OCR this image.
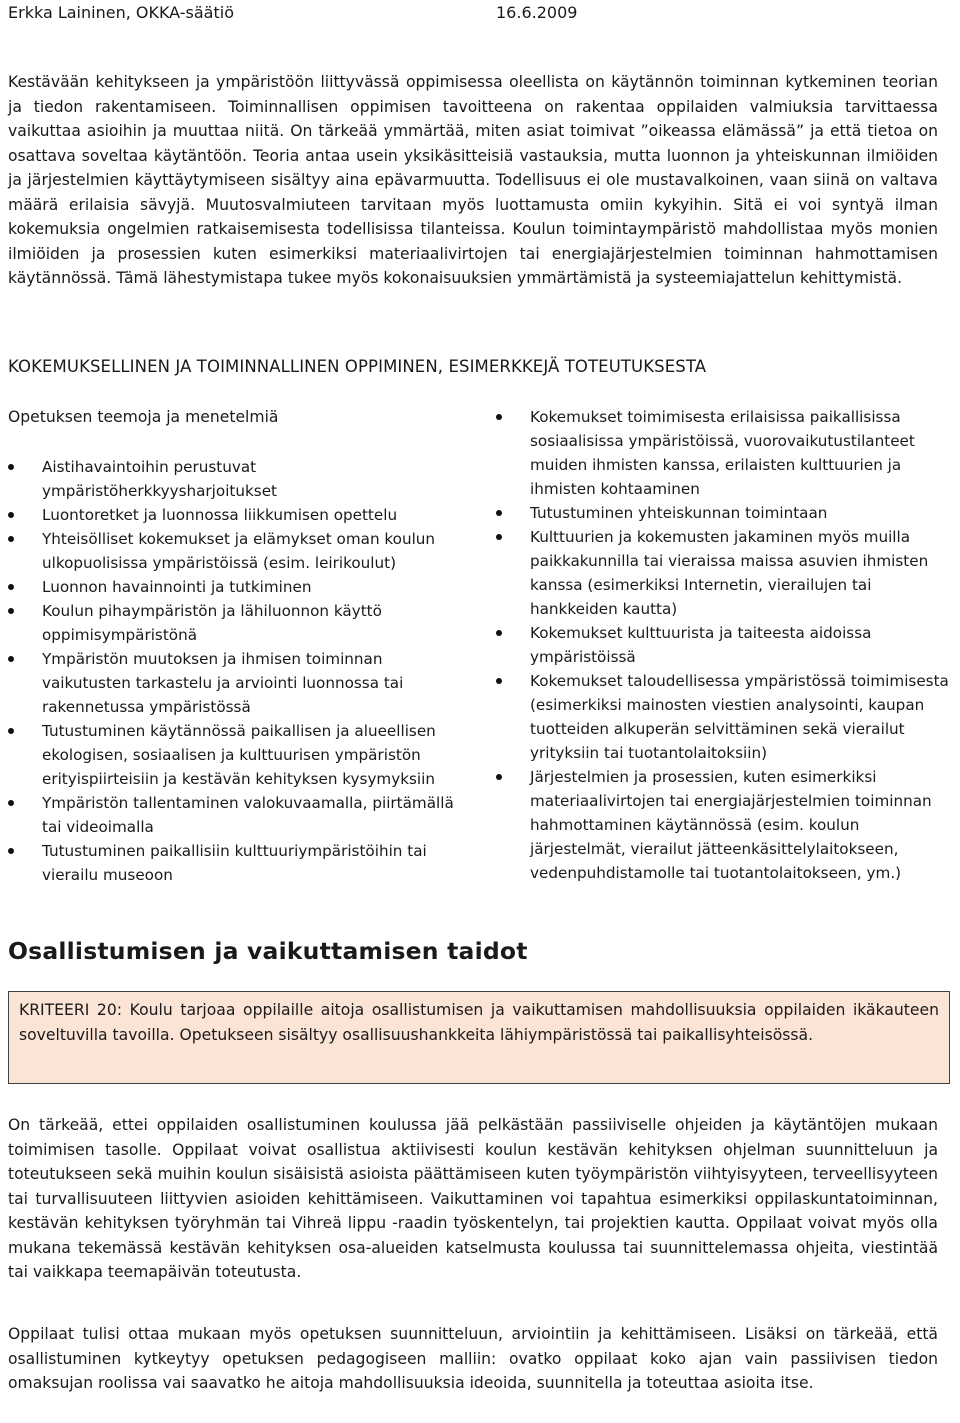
Erkka Laininen, OKKA-säätiö	16.6.2009

Kestävään kehitykseen ja ympäristöön liittyvässä oppimisessa oleellista on käytännön toiminnan kytkeminen teorian ja tiedon rakentamiseen. Toiminnallisen oppimisen tavoitteena on rakentaa oppilaiden valmiuksia tarvittaessa vaikuttaa asioihin ja muuttaa niitä. On tärkeää ymmärtää, miten asiat toimivat ”oikeassa elämässä” ja että tietoa on osattava soveltaa käytäntöön. Teoria antaa usein yksikäsitteisiä vastauksia, mutta luonnon ja yhteiskunnan ilmiöiden ja järjestelmien käyttäytymiseen sisältyy aina epävarmuutta. Todellisuus ei ole mustavalkoinen, vaan siinä on valtava määrä erilaisia sävyjä. Muutosvalmiuteen tarvitaan myös luottamusta omiin kykyihin. Sitä ei voi syntyä ilman kokemuksia ongelmien ratkaisemisesta todellisissa tilanteissa. Koulun toimintaympäristö mahdollistaa myös monien ilmiöiden ja prosessien kuten esimerkiksi materiaalivirtojen tai energiajärjestelmien toiminnan hahmottamisen käytännössä. Tämä lähestymistapa tukee myös kokonaisuuksien ymmärtämistä ja systeemiajattelun kehittymistä.

KOKEMUKSELLINEN JA TOIMINNALLINEN OPPIMINEN, ESIMERKKEJÄ TOTEUTUKSESTA
Opetuksen teemoja ja menetelmiä
Aistihavaintoihin perustuvat ympäristöherkkyysharjoitukset
Luontoretket ja luonnossa liikkumisen opettelu
Yhteisölliset kokemukset ja elämykset oman koulun ulkopuolisissa ympäristöissä (esim. leirikoulut)
Luonnon havainnointi ja tutkiminen
Koulun pihaympäristön ja lähiluonnon käyttö oppimisympäristönä
Ympäristön muutoksen ja ihmisen toiminnan vaikutusten tarkastelu ja arviointi luonnossa tai rakennetussa ympäristössä
Tutustuminen käytännössä paikallisen ja alueellisen ekologisen, sosiaalisen ja kulttuurisen ympäristön erityispiirteisiin ja kestävän kehityksen kysymyksiin
Ympäristön tallentaminen valokuvaamalla, piirtämällä tai videoimalla
Tutustuminen paikallisiin kulttuuriympäristöihin tai vierailu museoon
Kokemukset toimimisesta erilaisissa paikallisissa sosiaalisissa ympäristöissä, vuorovaikutustilanteet muiden ihmisten kanssa, erilaisten kulttuurien ja ihmisten kohtaaminen
Tutustuminen yhteiskunnan toimintaan
Kulttuurien ja kokemusten jakaminen myös muilla paikkakunnilla tai vieraissa maissa asuvien ihmisten kanssa (esimerkiksi Internetin, vierailujen tai hankkeiden kautta)
Kokemukset kulttuurista ja taiteesta aidoissa ympäristöissä
Kokemukset taloudellisessa ympäristössä toimimisesta (esimerkiksi mainosten viestien analysointi, kaupan tuotteiden alkuperän selvittäminen sekä vierailut yrityksiin tai tuotantolaitoksiin)
Järjestelmien ja prosessien, kuten esimerkiksi materiaalivirtojen tai energiajärjestelmien toiminnan hahmottaminen käytännössä (esim. koulun järjestelmät, vierailut jätteenkäsittelylaitokseen, vedenpuhdistamolle tai tuotantolaitokseen, ym.)
Osallistumisen ja vaikuttamisen taidot
KRITEERI 20: Koulu tarjoaa oppilaille aitoja osallistumisen ja vaikuttamisen mahdollisuuksia oppilaiden ikäkauteen soveltuvilla tavoilla. Opetukseen sisältyy osallisuushankkeita lähiympäristössä tai paikallisyhteisössä.

On tärkeää, ettei oppilaiden osallistuminen koulussa jää pelkästään passiiviselle ohjeiden ja käytäntöjen mukaan toimimisen tasolle. Oppilaat voivat osallistua aktiivisesti koulun kestävän kehityksen ohjelman suunnitteluun ja toteutukseen sekä muihin koulun sisäisistä asioista päättämiseen kuten työympäristön viihtyisyyteen, terveellisyyteen tai turvallisuuteen liittyvien asioiden kehittämiseen. Vaikuttaminen voi tapahtua esimerkiksi oppilaskuntatoiminnan, kestävän kehityksen työryhmän tai Vihreä lippu -raadin työskentelyn, tai projektien kautta. Oppilaat voivat myös olla mukana tekemässä kestävän kehityksen osa-alueiden katselmusta koulussa tai suunnittelemassa ohjeita, viestintää tai vaikkapa teemapäivän toteutusta.

Oppilaat tulisi ottaa mukaan myös opetuksen suunnitteluun, arviointiin ja kehittämiseen. Lisäksi on tärkeää, että osallistuminen kytkeytyy opetuksen pedagogiseen malliin: ovatko oppilaat koko ajan vain passiivisen tiedon omaksujan roolissa vai saavatko he aitoja mahdollisuuksia ideoida, suunnitella ja toteuttaa asioita itse.
